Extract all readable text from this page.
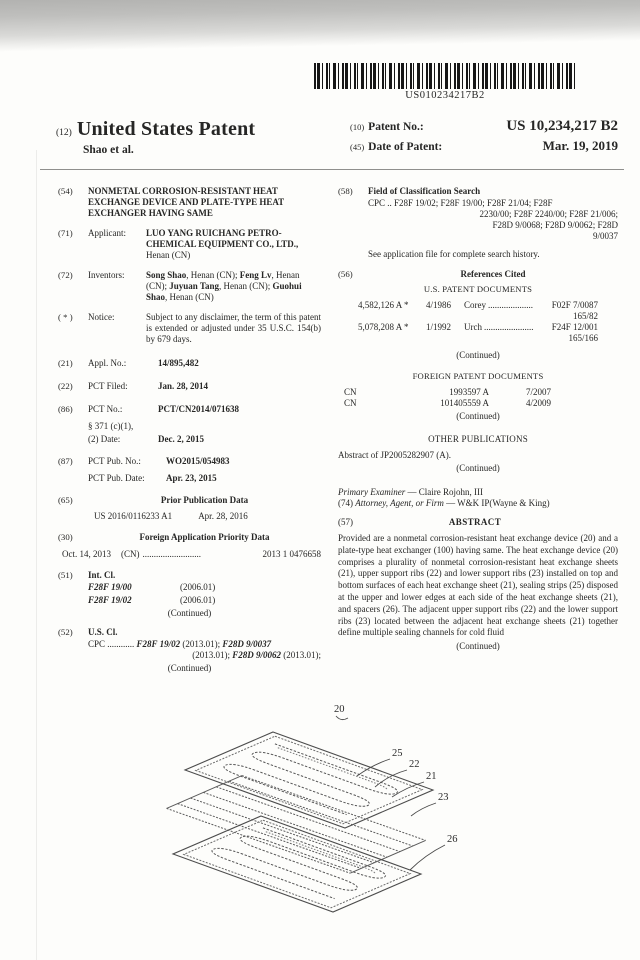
US010234217B2
(12) United States Patent
Shao et al.
(10) Patent No.:	US 10,234,217 B2
(45) Date of Patent:	Mar. 19, 2019
(54)	NONMETAL CORROSION-RESISTANT HEAT EXCHANGE DEVICE AND PLATE-TYPE HEAT EXCHANGER HAVING SAME
(71)	Applicant:	LUO YANG RUICHANG PETRO-CHEMICAL EQUIPMENT CO., LTD., Henan (CN)
(72)	Inventors:	Song Shao, Henan (CN); Feng Lv, Henan (CN); Juyuan Tang, Henan (CN); Guohui Shao, Henan (CN)
( * )	Notice:	Subject to any disclaimer, the term of this patent is extended or adjusted under 35 U.S.C. 154(b) by 679 days.
(21)	Appl. No.:	14/895,482
(22)	PCT Filed:	Jan. 28, 2014
(86)	PCT No.:	PCT/CN2014/071638
§ 371 (c)(1),
(2) Date:	Dec. 2, 2015
(87)	PCT Pub. No.:	WO2015/054983
PCT Pub. Date:	Apr. 23, 2015
(65)	Prior Publication Data
US 2016/0116233 A1	Apr. 28, 2016
(30)	Foreign Application Priority Data
Oct. 14, 2013 (CN) ..........................	2013 1 0476658
(51)	Int. Cl.
F28F 19/00	(2006.01)
F28F 19/02	(2006.01)
(Continued)
(52)	U.S. Cl.
CPC ............ F28F 19/02 (2013.01); F28D 9/0037
(2013.01); F28D 9/0062 (2013.01);
(Continued)
(58)	Field of Classification Search
CPC .. F28F 19/02; F28F 19/00; F28F 21/04; F28F
2230/00; F28F 2240/00; F28F 21/006;
F28D 9/0068; F28D 9/0062; F28D
9/0037
See application file for complete search history.
(56)	References Cited
U.S. PATENT DOCUMENTS
4,582,126 A *	4/1986	Corey ....................	F02F 7/0087
165/82
5,078,208 A *	1/1992	Urch ......................	F24F 12/001
165/166
(Continued)
FOREIGN PATENT DOCUMENTS
CN	1993597 A	7/2007
CN	101405559 A	4/2009
(Continued)
OTHER PUBLICATIONS
Abstract of JP2005282907 (A).
(Continued)
Primary Examiner — Claire Rojohn, III
(74) Attorney, Agent, or Firm — W&K IP(Wayne & King)
(57)	ABSTRACT
Provided are a nonmetal corrosion-resistant heat exchange device (20) and a plate-type heat exchanger (100) having same. The heat exchange device (20) comprises a plurality of nonmetal corrosion-resistant heat exchange sheets (21), upper support ribs (22) and lower support ribs (23) installed on top and bottom surfaces of each heat exchange sheet (21), sealing strips (25) disposed at the upper and lower edges at each side of the heat exchange sheets (21), and spacers (26). The adjacent upper support ribs (22) and the lower support ribs (23) located between the adjacent heat exchange sheets (21) together define multiple sealing channels for cold fluid
(Continued)
20
25
22
21
23
26
